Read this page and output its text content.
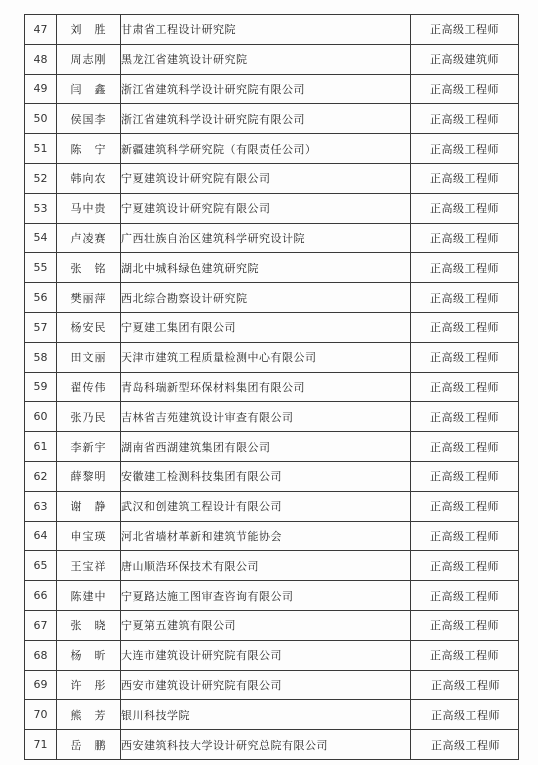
47	刘　胜	甘肃省工程设计研究院	正高级工程师
48	周志刚	黑龙江省建筑设计研究院	正高级建筑师
49	闫　鑫	浙江省建筑科学设计研究院有限公司	正高级工程师
50	侯国李	浙江省建筑科学设计研究院有限公司	正高级工程师
51	陈　宁	新疆建筑科学研究院（有限责任公司）	正高级工程师
52	韩向农	宁夏建筑设计研究院有限公司	正高级工程师
53	马中贵	宁夏建筑设计研究院有限公司	正高级工程师
54	卢凌赛	广西壮族自治区建筑科学研究设计院	正高级工程师
55	张　铭	湖北中城科绿色建筑研究院	正高级工程师
56	樊丽萍	西北综合勘察设计研究院	正高级工程师
57	杨安民	宁夏建工集团有限公司	正高级工程师
58	田文丽	天津市建筑工程质量检测中心有限公司	正高级工程师
59	翟传伟	青岛科瑞新型环保材料集团有限公司	正高级工程师
60	张乃民	吉林省吉苑建筑设计审查有限公司	正高级工程师
61	李新宇	湖南省西湖建筑集团有限公司	正高级工程师
62	薛黎明	安徽建工检测科技集团有限公司	正高级工程师
63	谢　静	武汉和创建筑工程设计有限公司	正高级工程师
64	申宝瑛	河北省墙材革新和建筑节能协会	正高级工程师
65	王宝祥	唐山顺浩环保技术有限公司	正高级工程师
66	陈建中	宁夏路达施工图审查咨询有限公司	正高级工程师
67	张　晓	宁夏第五建筑有限公司	正高级工程师
68	杨　昕	大连市建筑设计研究院有限公司	正高级工程师
69	许　彤	西安市建筑设计研究院有限公司	正高级工程师
70	熊　芳	银川科技学院	正高级工程师
71	岳　鹏	西安建筑科技大学设计研究总院有限公司	正高级工程师
